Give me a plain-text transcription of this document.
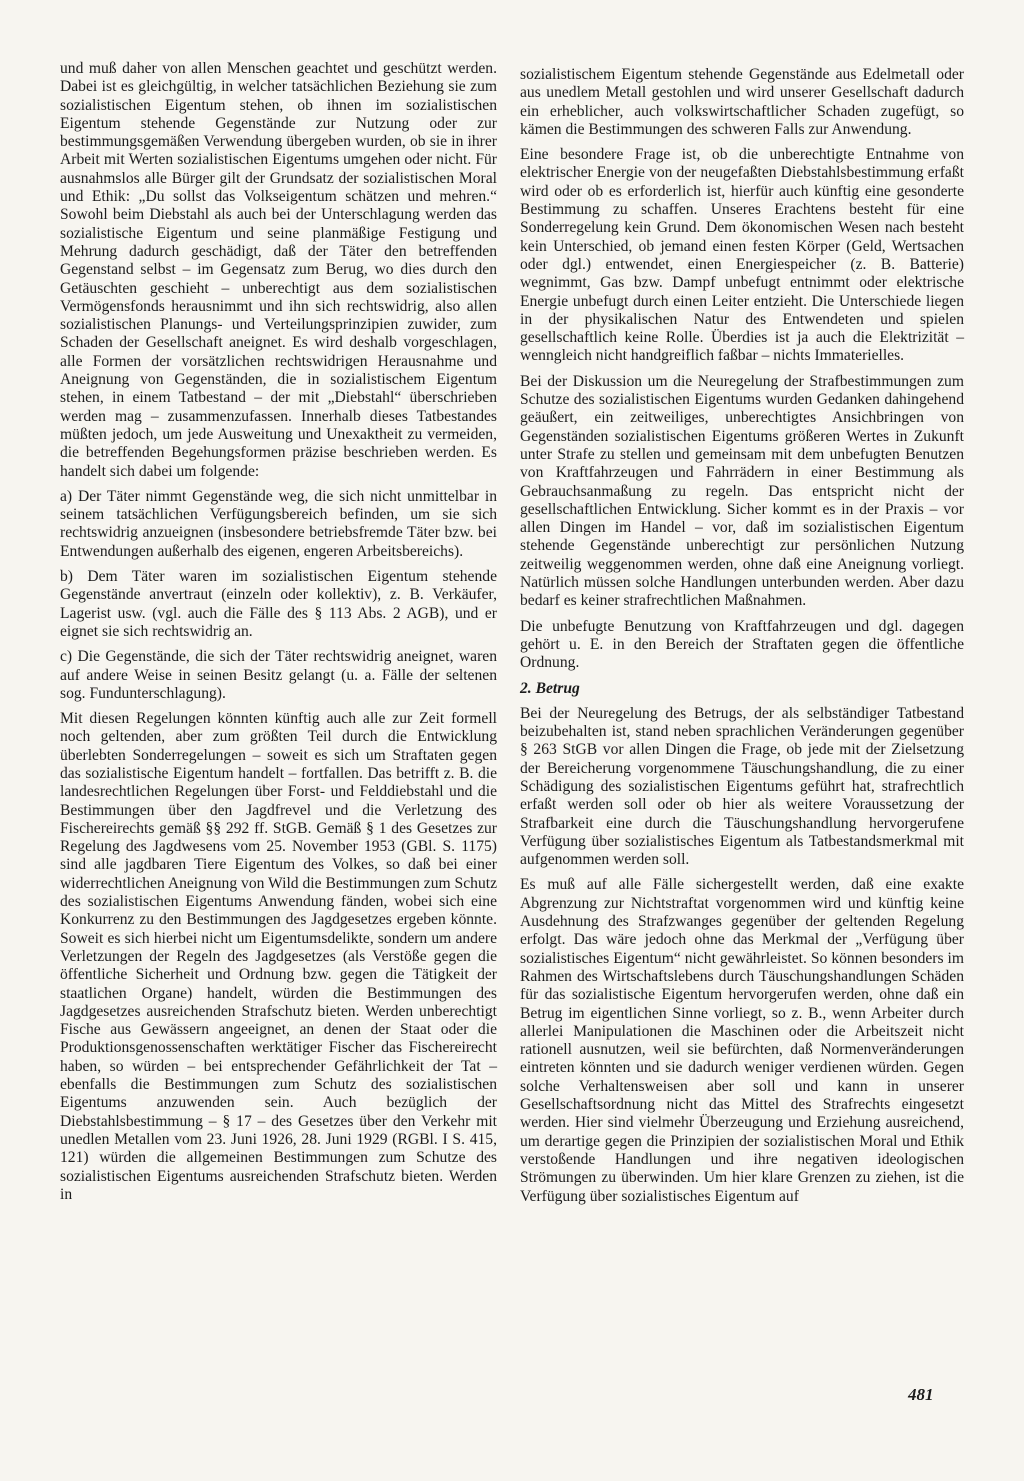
und muß daher von allen Menschen geachtet und geschützt werden. Dabei ist es gleichgültig, in welcher tatsächlichen Beziehung sie zum sozialistischen Eigentum stehen, ob ihnen im sozialistischen Eigentum stehende Gegenstände zur Nutzung oder zur bestimmungsgemäßen Verwendung übergeben wurden, ob sie in ihrer Arbeit mit Werten sozialistischen Eigentums umgehen oder nicht. Für ausnahmslos alle Bürger gilt der Grundsatz der sozialistischen Moral und Ethik: „Du sollst das Volkseigentum schätzen und mehren.“ Sowohl beim Diebstahl als auch bei der Unterschlagung werden das sozialistische Eigentum und seine planmäßige Festigung und Mehrung dadurch geschädigt, daß der Täter den betreffenden Gegenstand selbst – im Gegensatz zum Berug, wo dies durch den Getäuschten geschieht – unberechtigt aus dem sozialistischen Vermögensfonds herausnimmt und ihn sich rechtswidrig, also allen sozialistischen Planungs- und Verteilungsprinzipien zuwider, zum Schaden der Gesellschaft aneignet. Es wird deshalb vorgeschlagen, alle Formen der vorsätzlichen rechtswidrigen Herausnahme und Aneignung von Gegenständen, die in sozialistischem Eigentum stehen, in einem Tatbestand – der mit „Diebstahl“ überschrieben werden mag – zusammenzufassen. Innerhalb dieses Tatbestandes müßten jedoch, um jede Ausweitung und Unexaktheit zu vermeiden, die betreffenden Begehungsformen präzise beschrieben werden. Es handelt sich dabei um folgende:

a) Der Täter nimmt Gegenstände weg, die sich nicht unmittelbar in seinem tatsächlichen Verfügungsbereich befinden, um sie sich rechtswidrig anzueignen (insbesondere betriebsfremde Täter bzw. bei Entwendungen außerhalb des eigenen, engeren Arbeitsbereichs).

b) Dem Täter waren im sozialistischen Eigentum stehende Gegenstände anvertraut (einzeln oder kollektiv), z. B. Verkäufer, Lagerist usw. (vgl. auch die Fälle des § 113 Abs. 2 AGB), und er eignet sie sich rechtswidrig an.

c) Die Gegenstände, die sich der Täter rechtswidrig aneignet, waren auf andere Weise in seinen Besitz gelangt (u. a. Fälle der seltenen sog. Fundunterschlagung).

Mit diesen Regelungen könnten künftig auch alle zur Zeit formell noch geltenden, aber zum größten Teil durch die Entwicklung überlebten Sonderregelungen – soweit es sich um Straftaten gegen das sozialistische Eigentum handelt – fortfallen. Das betrifft z. B. die landesrechtlichen Regelungen über Forst- und Felddiebstahl und die Bestimmungen über den Jagdfrevel und die Verletzung des Fischereirechts gemäß §§ 292 ff. StGB. Gemäß § 1 des Gesetzes zur Regelung des Jagdwesens vom 25. November 1953 (GBl. S. 1175) sind alle jagdbaren Tiere Eigentum des Volkes, so daß bei einer widerrechtlichen Aneignung von Wild die Bestimmungen zum Schutz des sozialistischen Eigentums Anwendung fänden, wobei sich eine Konkurrenz zu den Bestimmungen des Jagdgesetzes ergeben könnte. Soweit es sich hierbei nicht um Eigentumsdelikte, sondern um andere Verletzungen der Regeln des Jagdgesetzes (als Verstöße gegen die öffentliche Sicherheit und Ordnung bzw. gegen die Tätigkeit der staatlichen Organe) handelt, würden die Bestimmungen des Jagdgesetzes ausreichenden Strafschutz bieten. Werden unberechtigt Fische aus Gewässern angeeignet, an denen der Staat oder die Produktionsgenossenschaften werktätiger Fischer das Fischereirecht haben, so würden – bei entsprechender Gefährlichkeit der Tat – ebenfalls die Bestimmungen zum Schutz des sozialistischen Eigentums anzuwenden sein. Auch bezüglich der Diebstahlsbestimmung – § 17 – des Gesetzes über den Verkehr mit unedlen Metallen vom 23. Juni 1926, 28. Juni 1929 (RGBl. I S. 415, 121) würden die allgemeinen Bestimmungen zum Schutze des sozialistischen Eigentums ausreichenden Strafschutz bieten. Werden in

sozialistischem Eigentum stehende Gegenstände aus Edelmetall oder aus unedlem Metall gestohlen und wird unserer Gesellschaft dadurch ein erheblicher, auch volkswirtschaftlicher Schaden zugefügt, so kämen die Bestimmungen des schweren Falls zur Anwendung.

Eine besondere Frage ist, ob die unberechtigte Entnahme von elektrischer Energie von der neugefaßten Diebstahlsbestimmung erfaßt wird oder ob es erforderlich ist, hierfür auch künftig eine gesonderte Bestimmung zu schaffen. Unseres Erachtens besteht für eine Sonderregelung kein Grund. Dem ökonomischen Wesen nach besteht kein Unterschied, ob jemand einen festen Körper (Geld, Wertsachen oder dgl.) entwendet, einen Energiespeicher (z. B. Batterie) wegnimmt, Gas bzw. Dampf unbefugt entnimmt oder elektrische Energie unbefugt durch einen Leiter entzieht. Die Unterschiede liegen in der physikalischen Natur des Entwendeten und spielen gesellschaftlich keine Rolle. Überdies ist ja auch die Elektrizität – wenngleich nicht handgreiflich faßbar – nichts Immaterielles.

Bei der Diskussion um die Neuregelung der Strafbestimmungen zum Schutze des sozialistischen Eigentums wurden Gedanken dahingehend geäußert, ein zeitweiliges, unberechtigtes Ansichbringen von Gegenständen sozialistischen Eigentums größeren Wertes in Zukunft unter Strafe zu stellen und gemeinsam mit dem unbefugten Benutzen von Kraftfahrzeugen und Fahrrädern in einer Bestimmung als Gebrauchsanmaßung zu regeln. Das entspricht nicht der gesellschaftlichen Entwicklung. Sicher kommt es in der Praxis – vor allen Dingen im Handel – vor, daß im sozialistischen Eigentum stehende Gegenstände unberechtigt zur persönlichen Nutzung zeitweilig weggenommen werden, ohne daß eine Aneignung vorliegt. Natürlich müssen solche Handlungen unterbunden werden. Aber dazu bedarf es keiner strafrechtlichen Maßnahmen.

Die unbefugte Benutzung von Kraftfahrzeugen und dgl. dagegen gehört u. E. in den Bereich der Straftaten gegen die öffentliche Ordnung.

2. Betrug

Bei der Neuregelung des Betrugs, der als selbständiger Tatbestand beizubehalten ist, stand neben sprachlichen Veränderungen gegenüber § 263 StGB vor allen Dingen die Frage, ob jede mit der Zielsetzung der Bereicherung vorgenommene Täuschungshandlung, die zu einer Schädigung des sozialistischen Eigentums geführt hat, strafrechtlich erfaßt werden soll oder ob hier als weitere Voraussetzung der Strafbarkeit eine durch die Täuschungshandlung hervorgerufene Verfügung über sozialistisches Eigentum als Tatbestandsmerkmal mit aufgenommen werden soll.

Es muß auf alle Fälle sichergestellt werden, daß eine exakte Abgrenzung zur Nichtstraftat vorgenommen wird und künftig keine Ausdehnung des Strafzwanges gegenüber der geltenden Regelung erfolgt. Das wäre jedoch ohne das Merkmal der „Verfügung über sozialistisches Eigentum“ nicht gewährleistet. So können besonders im Rahmen des Wirtschaftslebens durch Täuschungshandlungen Schäden für das sozialistische Eigentum hervorgerufen werden, ohne daß ein Betrug im eigentlichen Sinne vorliegt, so z. B., wenn Arbeiter durch allerlei Manipulationen die Maschinen oder die Arbeitszeit nicht rationell ausnutzen, weil sie befürchten, daß Normenveränderungen eintreten könnten und sie dadurch weniger verdienen würden. Gegen solche Verhaltensweisen aber soll und kann in unserer Gesellschaftsordnung nicht das Mittel des Strafrechts eingesetzt werden. Hier sind vielmehr Überzeugung und Erziehung ausreichend, um derartige gegen die Prinzipien der sozialistischen Moral und Ethik verstoßende Handlungen und ihre negativen ideologischen Strömungen zu überwinden. Um hier klare Grenzen zu ziehen, ist die Verfügung über sozialistisches Eigentum auf

481
